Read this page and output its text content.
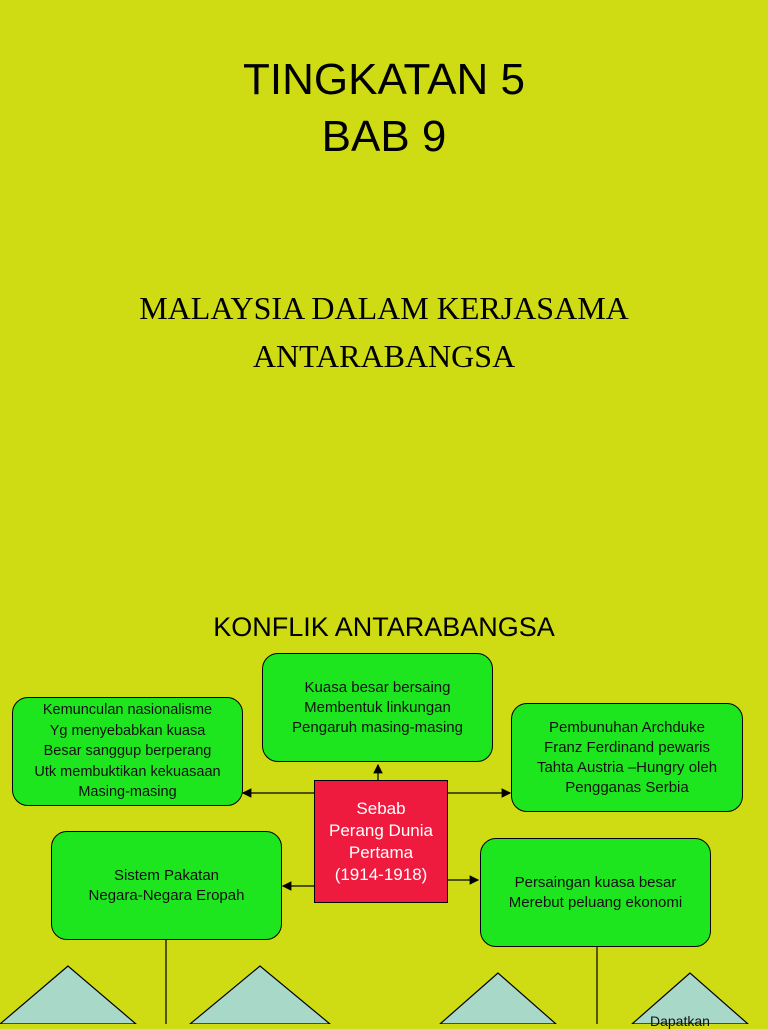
TINGKATAN 5
BAB 9
MALAYSIA DALAM KERJASAMA
ANTARABANGSA
KONFLIK ANTARABANGSA
Kuasa besar bersaing
Membentuk linkungan
Pengaruh masing-masing
Kemunculan nasionalisme
Yg menyebabkan kuasa
Besar sanggup berperang
Utk membuktikan kekuasaan
Masing-masing
Pembunuhan Archduke
Franz Ferdinand pewaris
Tahta Austria –Hungry oleh
Pengganas Serbia
Sebab
Perang Dunia
Pertama
(1914-1918)
Sistem Pakatan
Negara-Negara Eropah
Persaingan kuasa besar
Merebut peluang ekonomi
Dapatkan
